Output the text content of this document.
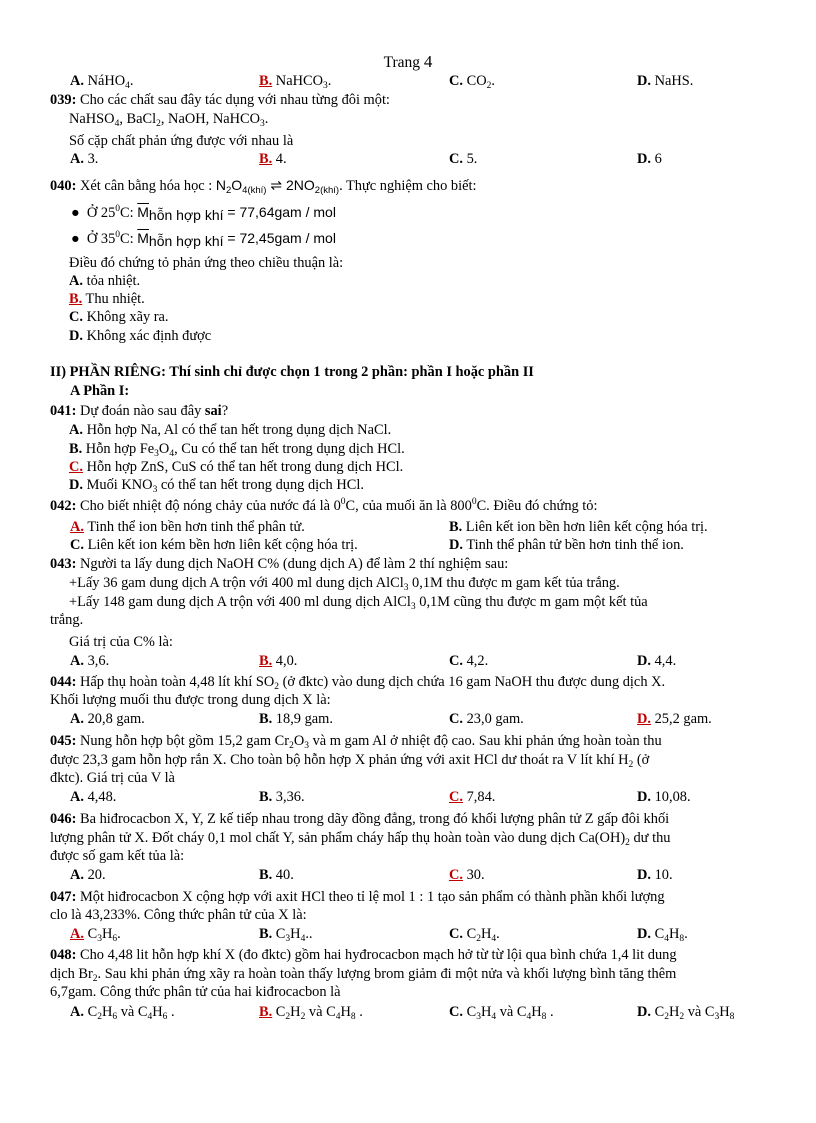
Trang 4
A. NáHO$_4$.	B. NaHCO$_3$.	C. $CO_2$.	D. NaHS.
039: Cho các chất sau đây tác dụng với nhau từng đôi một:
NaHSO$_4$, BaCl$_2$, NaOH, NaHCO$_3$.
Số cặp chất phản ứng được với nhau là
A. 3.	B. 4.	C. 5.	D. 6
040: Xét cân bằng hóa học : $N_2O_{4(khí)}$ ⇌ $2NO_{2(khí)}$. Thực nghiệm cho biết:
● Ở $25^0C$: $\overline{M}_{hỗn hợp khí} = 77,64gam$ / mol
● Ở $35^0C$: $\overline{M}_{hỗn hợp khí} = 72,45gam$ / mol
Điều đó chứng tỏ phản ứng theo chiều thuận là:
A. tỏa nhiệt.
B. Thu nhiệt.
C. Không xãy ra.
D. Không xác định được
II) PHẦN RIÊNG: Thí sinh chỉ được chọn 1 trong 2 phần: phần I hoặc phần II
A Phần I:
041: Dự đoán nào sau đây sai?
A. Hỗn hợp Na, Al có thể tan hết trong dụng dịch NaCl.
B. Hỗn hợp $Fe_3O_4$, Cu có thể tan hết trong dụng dịch HCl.
C. Hỗn hợp ZnS, CuS có thể tan hết trong dung dịch HCl.
D. Muối $KNO_3$ có thể tan hết trong dụng dịch HCl.
042: Cho biết nhiệt độ nóng chảy của nước đá là $0^0C$, của muối ăn là $800^0C$. Điều đó chứng tỏ:
A. Tinh thể ion bền hơn tinh thể phân tử.	B. Liên kết ion bền hơn liên kết cộng hóa trị.
C. Liên kết ion kém bền hơn liên kết cộng hóa trị.	D. Tinh thể phân tử bền hơn tinh thể ion.
043: Người ta lấy dung dịch NaOH C% (dung dịch A) để làm 2 thí nghiệm sau:
+Lấy 36 gam dung dịch A trộn với 400 ml dung dịch AlCl$_3$ 0,1M thu được m gam kết tủa trắng.
+Lấy 148 gam dung dịch A trộn với 400 ml dung dịch AlCl$_3$ 0,1M cũng thu được m gam một kết tủa
trắng.
Giá trị của C% là:
A. 3,6.	B. 4,0.	C. 4,2.	D. 4,4.
044: Hấp thụ hoàn toàn 4,48 lít khí $SO_2$ (ở đktc) vào dung dịch chứa 16 gam NaOH thu được dung dịch X.
Khối lượng muối thu được trong dung dịch X là:
A. 20,8 gam.	B. 18,9 gam.	C. 23,0 gam.	D. 25,2 gam.
045: Nung hỗn hợp bột gồm 15,2 gam $Cr_2O_3$ và m gam Al ở nhiệt độ cao. Sau khi phản ứng hoàn toàn thu
được 23,3 gam hỗn hợp rắn X. Cho toàn bộ hỗn hợp X phản ứng với axit HCl dư thoát ra V lít khí $H_2$ (ở
đktc). Giá trị của V là
A. 4,48.	B. 3,36.	C. 7,84.	D. 10,08.
046: Ba hiđrocacbon X, Y, Z kế tiếp nhau trong dãy đồng đẳng, trong đó khối lượng phân tử Z gấp đôi khối
lượng phân tử X. Đốt cháy 0,1 mol chất Y, sản phẩm cháy hấp thụ hoàn toàn vào dung dịch $Ca(OH)_2$ dư thu
được số gam kết tủa là:
A. 20.	B. 40.	C. 30.	D. 10.
047: Một hiđrocacbon X cộng hợp với axit HCl theo tỉ lệ mol 1 : 1 tạo sản phẩm có thành phần khối lượng
clo là 43,233%. Công thức phân tử của X là:
A. $C_3H_6$.	B. $C_3H_4$..	C. $C_2H_4$.	D. $C_4H_8$.
048: Cho 4,48 lit hỗn hợp khí X (đo đktc) gồm hai hyđrocacbon mạch hở từ từ lội qua bình chứa 1,4 lit dung
dịch $Br_2$. Sau khi phản ứng xãy ra hoàn toàn thấy lượng brom giảm đi một nửa và khối lượng bình tăng thêm
6,7gam. Công thức phân tử của hai kiđrocacbon là
A. $C_2H_6$ và $C_4H_6$ .	B. $C_2H_2$ và $C_4H_8$ .	C. $C_3H_4$ và $C_4H_8$ .	D. $C_2H_2$ và $C_3H_8$
